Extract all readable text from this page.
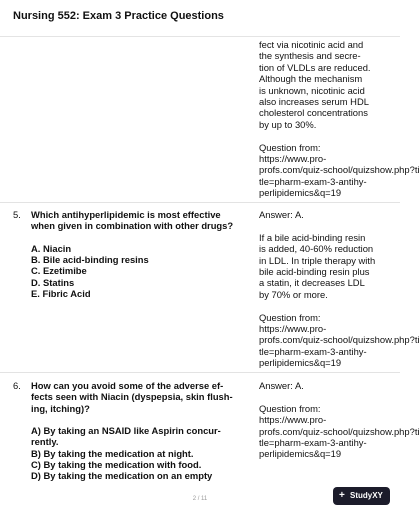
Nursing 552: Exam 3 Practice Questions
fect via nicotinic acid and
the synthesis and secre-
tion of VLDLs are reduced.
Although the mechanism
is unknown, nicotinic acid
also increases serum HDL
cholesterol concentrations
by up to 30%.
Question from:
https://www.pro-
profs.com/quiz-school/quizshow.php?ti
tle=pharm-exam-3-antihy-
perlipidemics&q=19
5. Which antihyperlipidemic is most effective
when given in combination with other drugs?
A. Niacin
B. Bile acid-binding resins
C. Ezetimibe
D. Statins
E. Fibric Acid
Answer: A.
If a bile acid-binding resin
is added, 40-60% reduction
in LDL. In triple therapy with
bile acid-binding resin plus
a statin, it decreases LDL
by 70% or more.
Question from:
https://www.pro-
profs.com/quiz-school/quizshow.php?ti
tle=pharm-exam-3-antihy-
perlipidemics&q=19
6. How can you avoid some of the adverse ef-
fects seen with Niacin (dyspepsia, skin flush-
ing, itching)?
A) By taking an NSAID like Aspirin concur-
rently.
B) By taking the medication at night.
C) By taking the medication with food.
D) By taking the medication on an empty
Answer: A.
Question from:
https://www.pro-
profs.com/quiz-school/quizshow.php?ti
tle=pharm-exam-3-antihy-
perlipidemics&q=19
2 / 11	+ StudyXY
